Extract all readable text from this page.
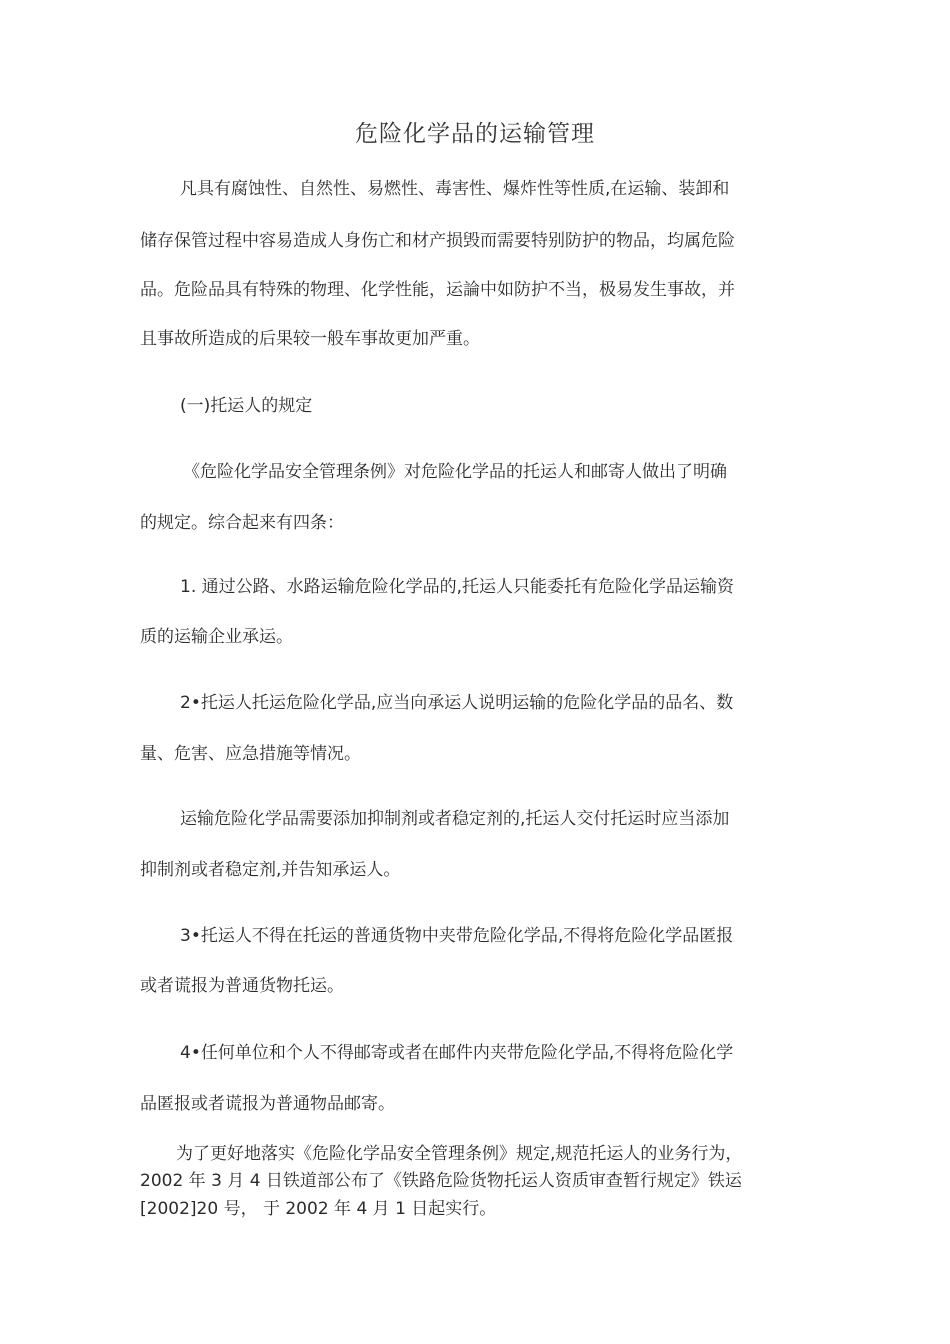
危险化学品的运输管理
凡具有腐蚀性、自然性、易燃性、毒害性、爆炸性等性质,在运输、装卸和
储存保管过程中容易造成人身伤亡和材产损毁而需要特别防护的物品，均属危险
品。危险品具有特殊的物理、化学性能，运論中如防护不当，极易发生事故，并
且事故所造成的后果较一般车事故更加严重。
(一)托运人的规定
《危险化学品安全管理条例》对危险化学品的托运人和邮寄人做出了明确
的规定。综合起来有四条：
1. 通过公路、水路运输危险化学品的,托运人只能委托有危险化学品运输资
质的运输企业承运。
2•托运人托运危险化学品,应当向承运人说明运输的危险化学品的品名、数
量、危害、应急措施等情况。
运输危险化学品需要添加抑制剂或者稳定剂的,托运人交付托运时应当添加
抑制剂或者稳定剂,并告知承运人。
3•托运人不得在托运的普通货物中夹带危险化学品,不得将危险化学品匿报
或者谎报为普通货物托运。
4•任何单位和个人不得邮寄或者在邮件内夹带危险化学品,不得将危险化学
品匿报或者谎报为普通物品邮寄。
为了更好地落实《危险化学品安全管理条例》规定,规范托运人的业务行为，
2002 年 3 月 4 日铁道部公布了《铁路危险货物托运人资质审查暂行规定》铁运
[2002]20 号， 于 2002 年 4 月 1 日起实行。
